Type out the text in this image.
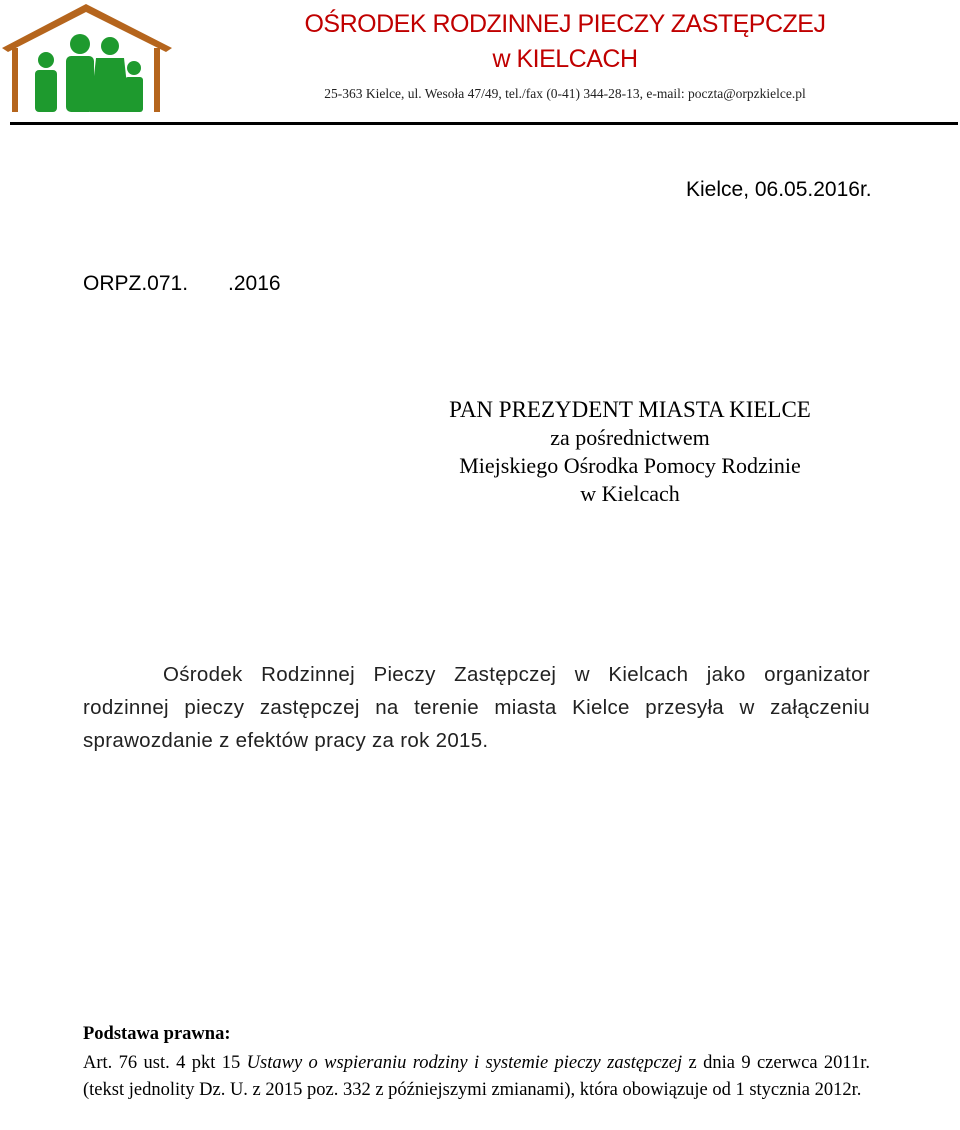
OŚRODEK RODZINNEJ PIECZY ZASTĘPCZEJ
w KIELCACH
25-363 Kielce, ul. Wesoła 47/49, tel./fax (0-41) 344-28-13, e-mail: poczta@orpzkielce.pl
Kielce, 06.05.2016r.
ORPZ.071. .2016
PAN PREZYDENT MIASTA KIELCE
za pośrednictwem
Miejskiego Ośrodka Pomocy Rodzinie
w Kielcach
Ośrodek Rodzinnej Pieczy Zastępczej w Kielcach jako organizator rodzinnej pieczy zastępczej na terenie miasta Kielce przesyła w załączeniu sprawozdanie z efektów pracy za rok 2015.
Podstawa prawna:
Art. 76 ust. 4 pkt 15 Ustawy o wspieraniu rodziny i systemie pieczy zastępczej z dnia 9 czerwca 2011r. (tekst jednolity Dz. U. z 2015 poz. 332 z późniejszymi zmianami), która obowiązuje od 1 stycznia 2012r.
